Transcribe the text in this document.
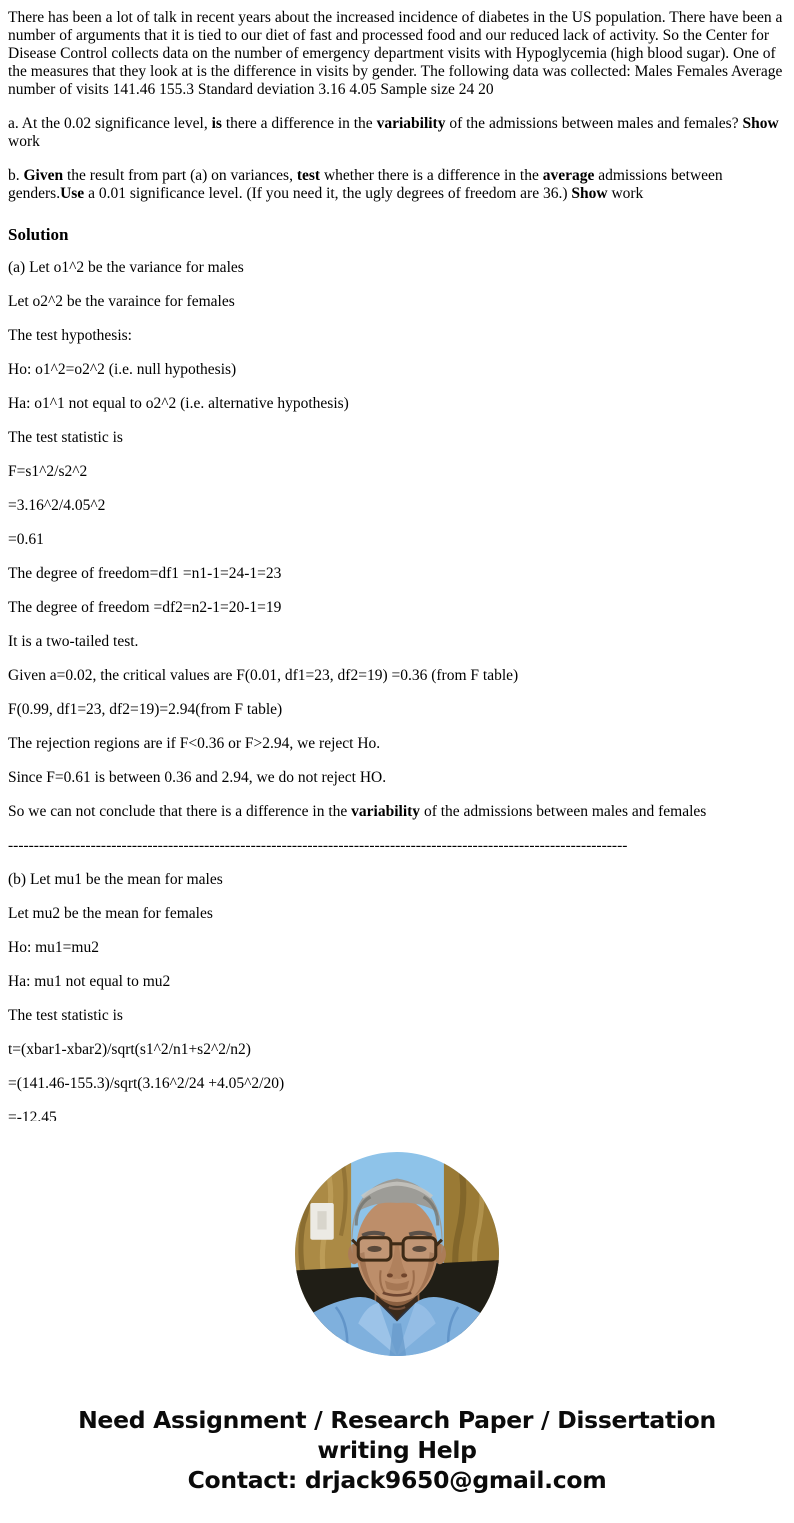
There has been a lot of talk in recent years about the increased incidence of diabetes in the US population. There have been a number of arguments that it is tied to our diet of fast and processed food and our reduced lack of activity. So the Center for Disease Control collects data on the number of emergency department visits with Hypoglycemia (high blood sugar). One of the measures that they look at is the difference in visits by gender. The following data was collected: Males Females Average number of visits 141.46 155.3 Standard deviation 3.16 4.05 Sample size 24 20

a. At the 0.02 significance level, is there a difference in the variability of the admissions between males and females? Show work

b. Given the result from part (a) on variances, test whether there is a difference in the average admissions between genders.Use a 0.01 significance level. (If you need it, the ugly degrees of freedom are 36.) Show work

Solution

(a) Let o1^2 be the variance for males

Let o2^2 be the varaince for females

The test hypothesis:

Ho: o1^2=o2^2 (i.e. null hypothesis)

Ha: o1^1 not equal to o2^2 (i.e. alternative hypothesis)

The test statistic is

F=s1^2/s2^2

=3.16^2/4.05^2

=0.61

The degree of freedom=df1 =n1-1=24-1=23

The degree of freedom =df2=n2-1=20-1=19

It is a two-tailed test.

Given a=0.02, the critical values are F(0.01, df1=23, df2=19) =0.36 (from F table)

F(0.99, df1=23, df2=19)=2.94(from F table)

The rejection regions are if F<0.36 or F>2.94, we reject Ho.

Since F=0.61 is between 0.36 and 2.94, we do not reject HO.

So we can not conclude that there is a difference in the variability of the admissions between males and females

------------------------------------------------------------------------------------------------------------------------

(b) Let mu1 be the mean for males

Let mu2 be the mean for females

Ho: mu1=mu2

Ha: mu1 not equal to mu2

The test statistic is

t=(xbar1-xbar2)/sqrt(s1^2/n1+s2^2/n2)

=(141.46-155.3)/sqrt(3.16^2/24 +4.05^2/20)

=-12.45

Need Assignment / Research Paper / Dissertation
writing Help
Contact: drjack9650@gmail.com
